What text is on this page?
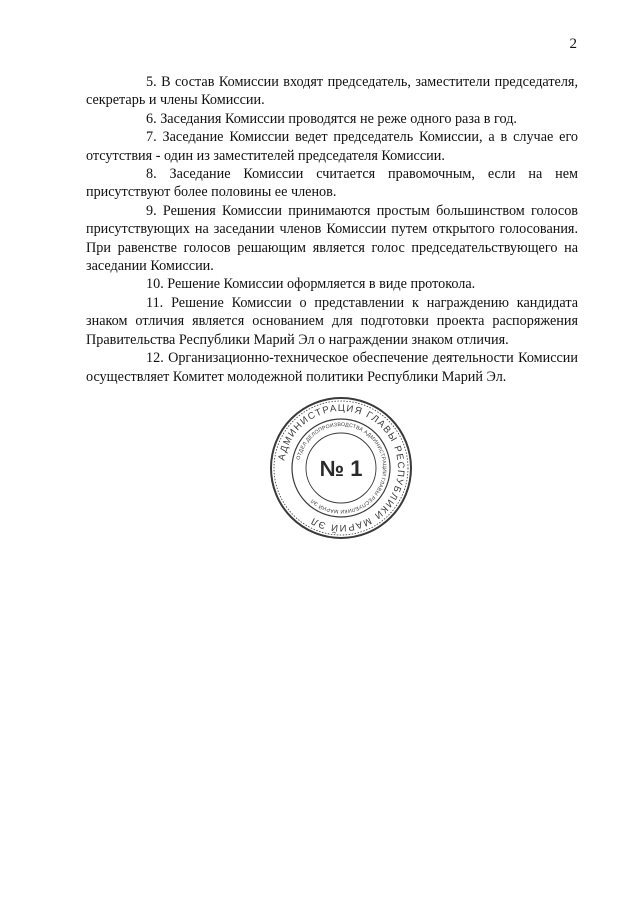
2

5. В состав Комиссии входят председатель, заместители председателя, секретарь и члены Комиссии.

6. Заседания Комиссии проводятся не реже одного раза в год.

7. Заседание Комиссии ведет председатель Комиссии, а в случае его отсутствия - один из заместителей председателя Комиссии.

8. Заседание Комиссии считается правомочным, если на нем присутствуют более половины ее членов.

9. Решения Комиссии принимаются простым большинством голосов присутствующих на заседании членов Комиссии путем открытого голосования. При равенстве голосов решающим является голос председательствующего на заседании Комиссии.

10. Решение Комиссии оформляется в виде протокола.

11. Решение Комиссии о представлении к награждению кандидата знаком отличия является основанием для подготовки проекта распоряжения Правительства Республики Марий Эл о награждении знаком отличия.

12. Организационно-техническое обеспечение деятельности Комиссии осуществляет Комитет молодежной политики Республики Марий Эл.

АДМИНИСТРАЦИЯ ГЛАВЫ РЕСПУБЛИКИ МАРИЙ ЭЛ
ОТДЕЛ ДЕЛОПРОИЗВОДСТВА АДМИНИСТРАЦИИ ГЛАВЫ РЕСПУБЛИКИ МАРИЙ ЭЛ
№ 1
